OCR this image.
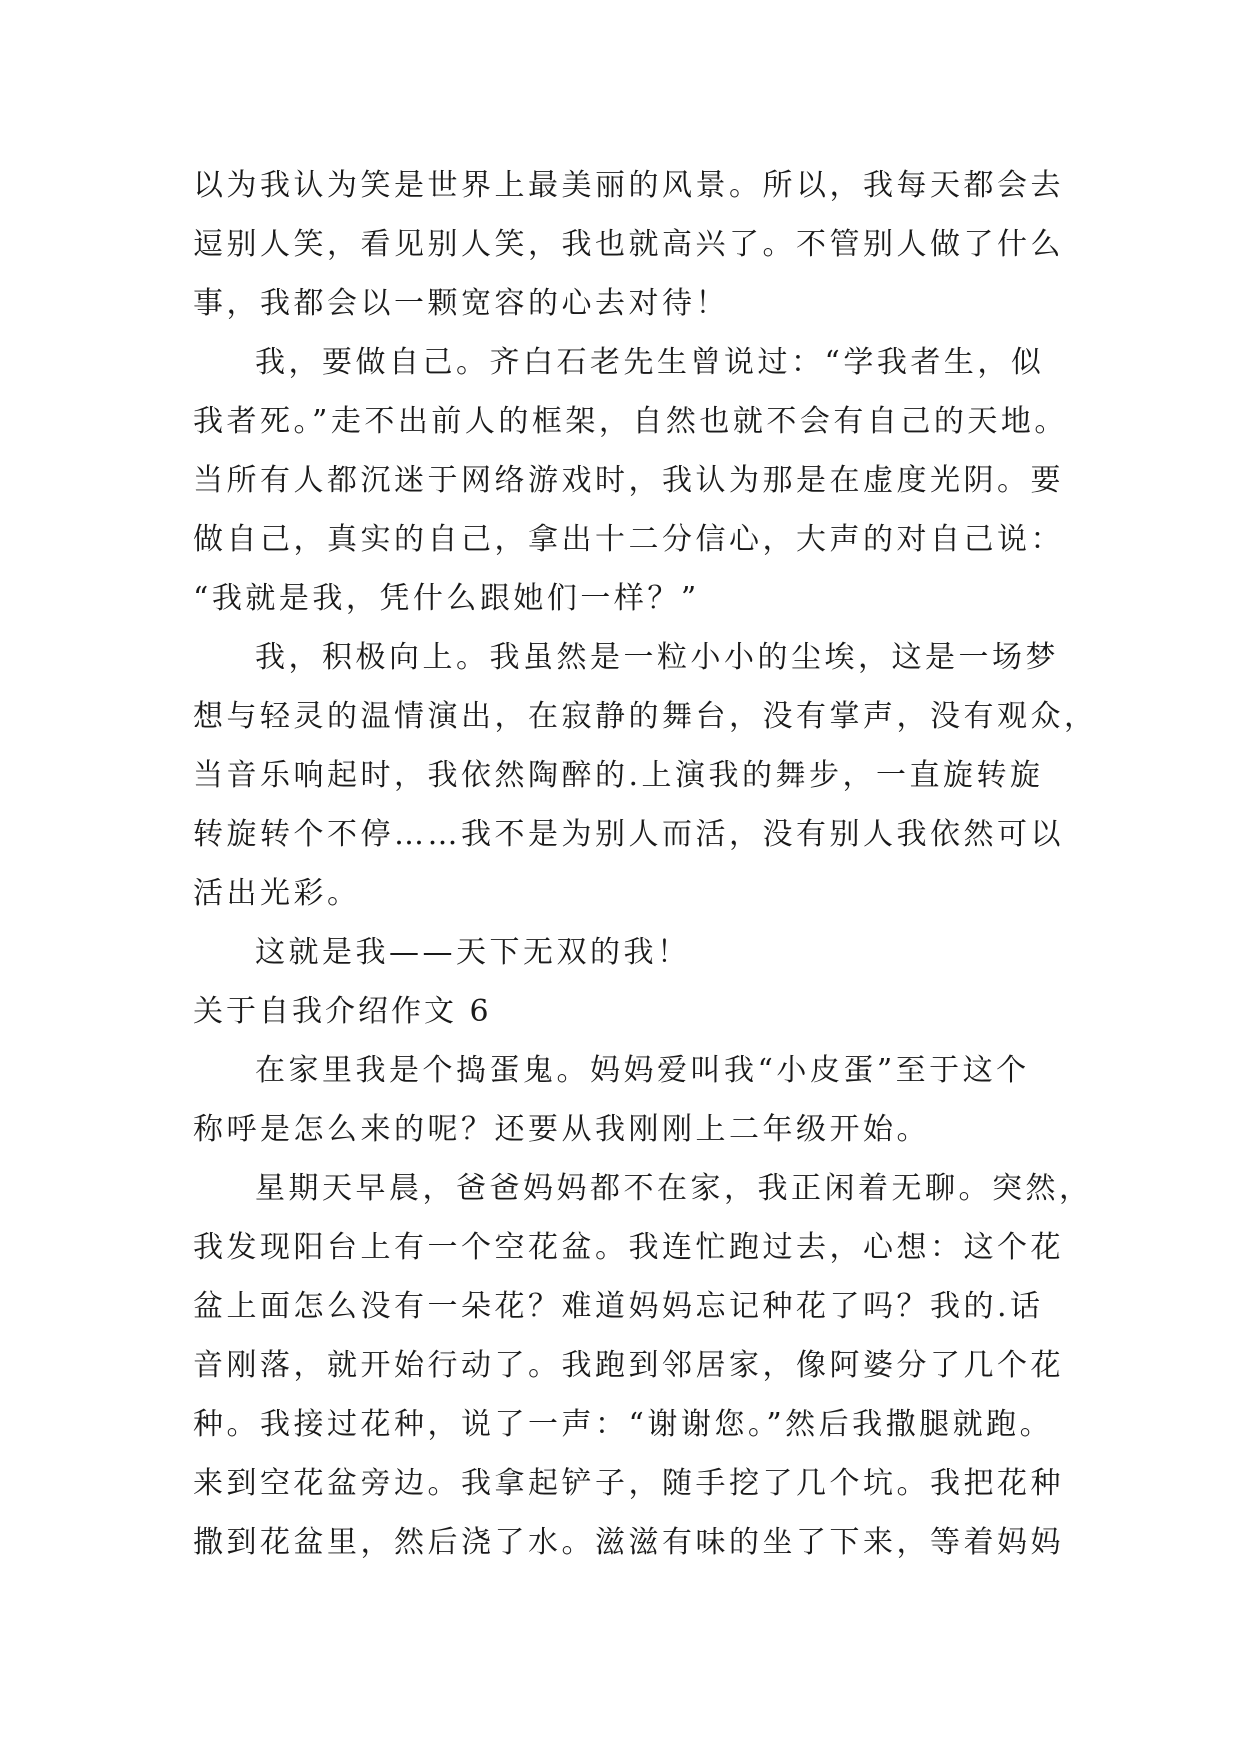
以为我认为笑是世界上最美丽的风景。所以，我每天都会去
逗别人笑，看见别人笑，我也就高兴了。不管别人做了什么
事，我都会以一颗宽容的心去对待！
我，要做自己。齐白石老先生曾说过：“学我者生，似
我者死。”走不出前人的框架，自然也就不会有自己的天地。
当所有人都沉迷于网络游戏时，我认为那是在虚度光阴。要
做自己，真实的自己，拿出十二分信心，大声的对自己说：
“我就是我，凭什么跟她们一样？”
我，积极向上。我虽然是一粒小小的尘埃，这是一场梦
想与轻灵的温情演出，在寂静的舞台，没有掌声，没有观众，
当音乐响起时，我依然陶醉的.上演我的舞步，一直旋转旋
转旋转个不停……我不是为别人而活，没有别人我依然可以
活出光彩。
这就是我——天下无双的我！
关于自我介绍作文 6
在家里我是个捣蛋鬼。妈妈爱叫我“小皮蛋”至于这个
称呼是怎么来的呢？还要从我刚刚上二年级开始。
星期天早晨，爸爸妈妈都不在家，我正闲着无聊。突然，
我发现阳台上有一个空花盆。我连忙跑过去，心想：这个花
盆上面怎么没有一朵花？难道妈妈忘记种花了吗？我的.话
音刚落，就开始行动了。我跑到邻居家，像阿婆分了几个花
种。我接过花种，说了一声：“谢谢您。”然后我撒腿就跑。
来到空花盆旁边。我拿起铲子，随手挖了几个坑。我把花种
撒到花盆里，然后浇了水。滋滋有味的坐了下来，等着妈妈
